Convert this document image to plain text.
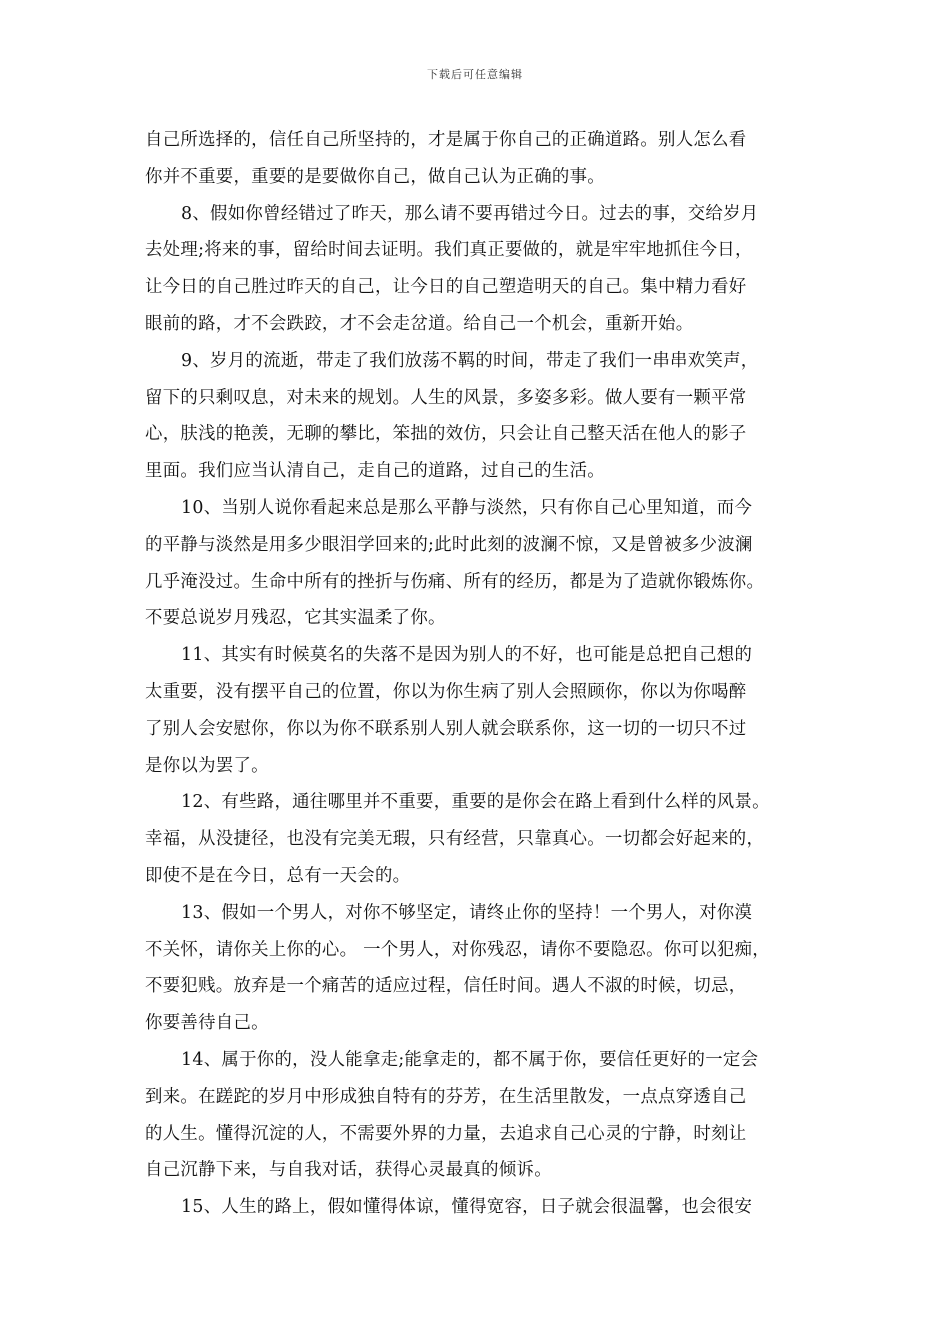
下载后可任意编辑
自己所选择的，信任自己所坚持的，才是属于你自己的正确道路。别人怎么看
你并不重要，重要的是要做你自己，做自己认为正确的事。
8、假如你曾经错过了昨天，那么请不要再错过今日。过去的事，交给岁月
去处理;将来的事，留给时间去证明。我们真正要做的，就是牢牢地抓住今日，
让今日的自己胜过昨天的自己，让今日的自己塑造明天的自己。集中精力看好
眼前的路，才不会跌跤，才不会走岔道。给自己一个机会，重新开始。
9、岁月的流逝，带走了我们放荡不羁的时间，带走了我们一串串欢笑声，
留下的只剩叹息，对未来的规划。人生的风景，多姿多彩。做人要有一颗平常
心，肤浅的艳羡，无聊的攀比，笨拙的效仿，只会让自己整天活在他人的影子
里面。我们应当认清自己，走自己的道路，过自己的生活。
10、当别人说你看起来总是那么平静与淡然，只有你自己心里知道，而今
的平静与淡然是用多少眼泪学回来的;此时此刻的波澜不惊，又是曾被多少波澜
几乎淹没过。生命中所有的挫折与伤痛、所有的经历，都是为了造就你锻炼你。
不要总说岁月残忍，它其实温柔了你。
11、其实有时候莫名的失落不是因为别人的不好，也可能是总把自己想的
太重要，没有摆平自己的位置，你以为你生病了别人会照顾你，你以为你喝醉
了别人会安慰你，你以为你不联系别人别人就会联系你，这一切的一切只不过
是你以为罢了。
12、有些路，通往哪里并不重要，重要的是你会在路上看到什么样的风景。
幸福，从没捷径，也没有完美无瑕，只有经营，只靠真心。一切都会好起来的，
即使不是在今日，总有一天会的。
13、假如一个男人，对你不够坚定，请终止你的坚持！一个男人，对你漠
不关怀，请你关上你的心。 一个男人，对你残忍，请你不要隐忍。你可以犯痴，
不要犯贱。放弃是一个痛苦的适应过程，信任时间。遇人不淑的时候，切忌，
你要善待自己。
14、属于你的，没人能拿走;能拿走的，都不属于你，要信任更好的一定会
到来。在蹉跎的岁月中形成独自特有的芬芳，在生活里散发，一点点穿透自己
的人生。懂得沉淀的人，不需要外界的力量，去追求自己心灵的宁静，时刻让
自己沉静下来，与自我对话，获得心灵最真的倾诉。
15、人生的路上，假如懂得体谅，懂得宽容，日子就会很温馨，也会很安
